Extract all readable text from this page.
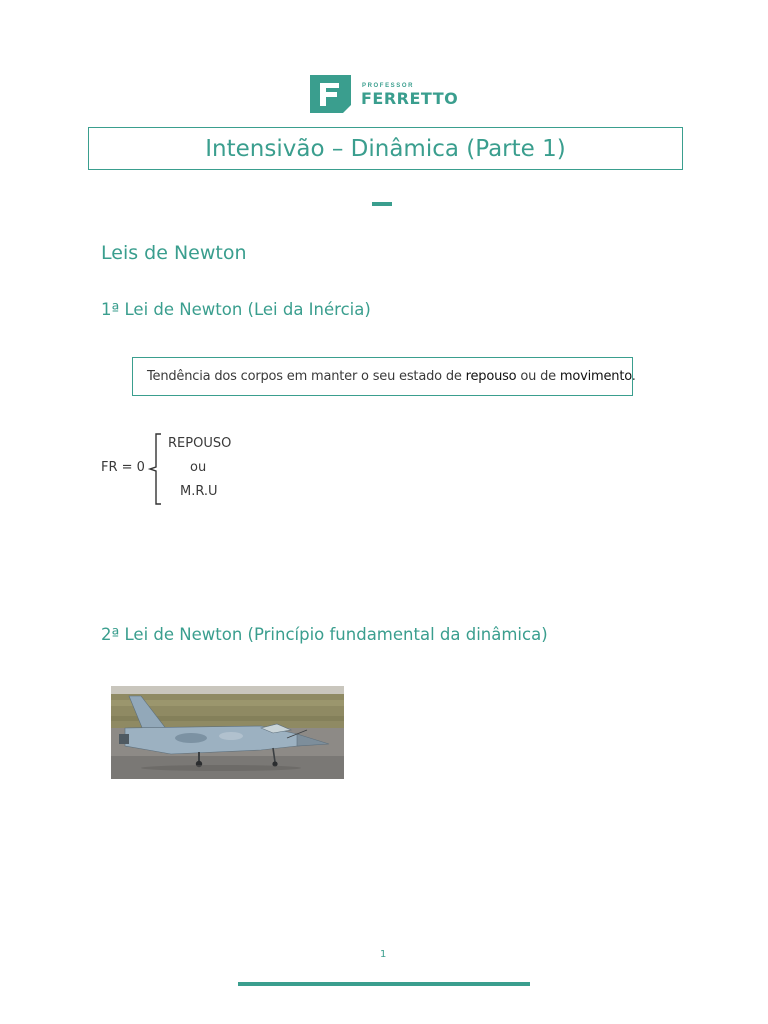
PROFESSOR
FERRETTO
Intensivão – Dinâmica (Parte 1)
Leis de Newton
1ª Lei de Newton (Lei da Inércia)
Tendência dos corpos em manter o seu estado de repouso ou de movimento.
FR = 0
REPOUSO
ou
M.R.U
2ª Lei de Newton (Princípio fundamental da dinâmica)
1
